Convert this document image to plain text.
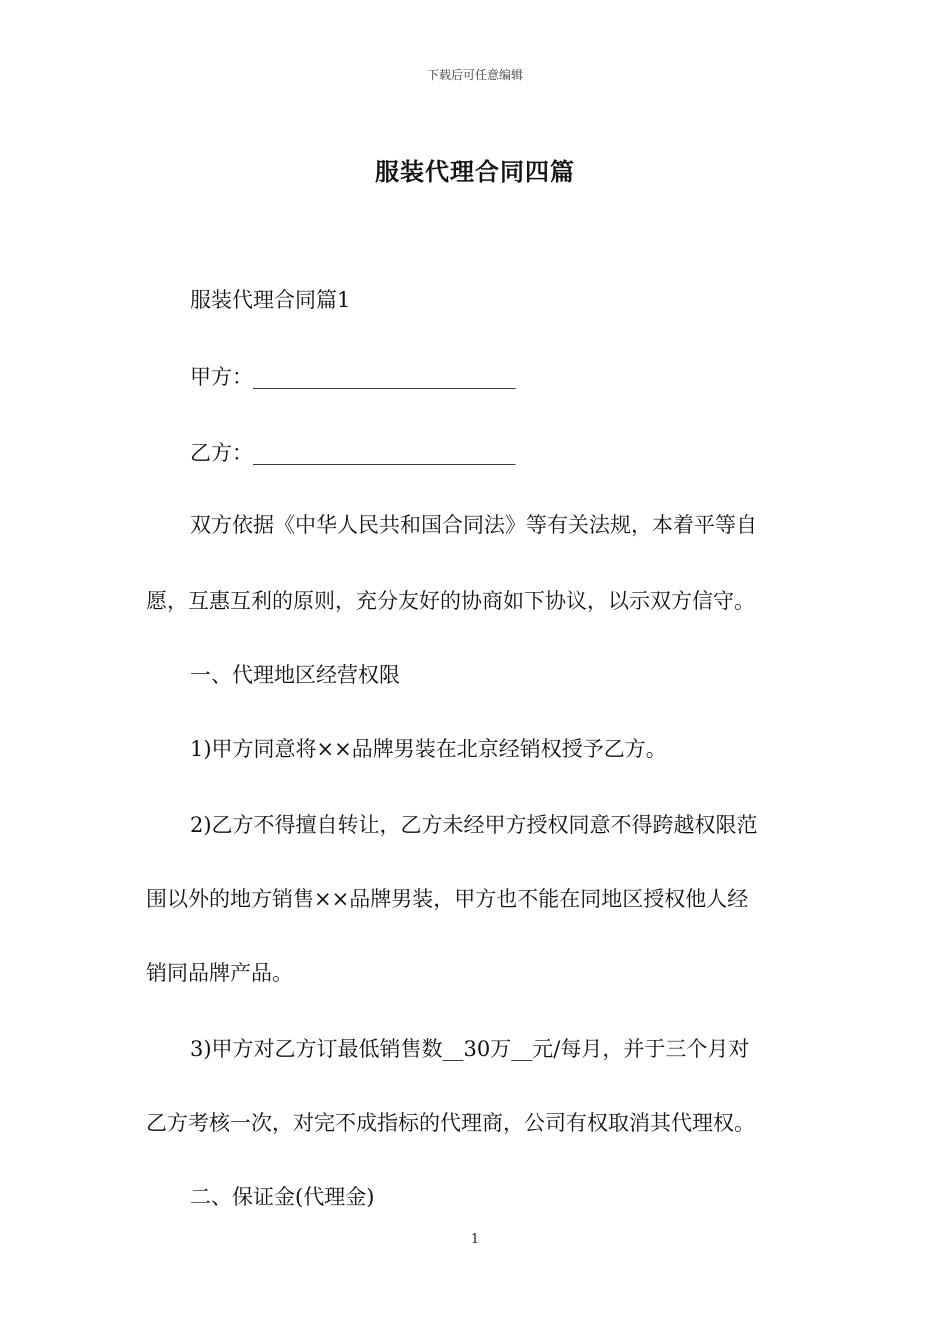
下载后可任意编辑
服装代理合同四篇
服装代理合同篇1
甲方：_________________________
乙方：_________________________
双方依据《中华人民共和国合同法》等有关法规，本着平等自
愿，互惠互利的原则，充分友好的协商如下协议，以示双方信守。
一、代理地区经营权限
1)甲方同意将××品牌男装在北京经销权授予乙方。
2)乙方不得擅自转让，乙方未经甲方授权同意不得跨越权限范
围以外的地方销售××品牌男装，甲方也不能在同地区授权他人经
销同品牌产品。
3)甲方对乙方订最低销售数__30万__元/每月，并于三个月对
乙方考核一次，对完不成指标的代理商，公司有权取消其代理权。
二、保证金(代理金)
1
